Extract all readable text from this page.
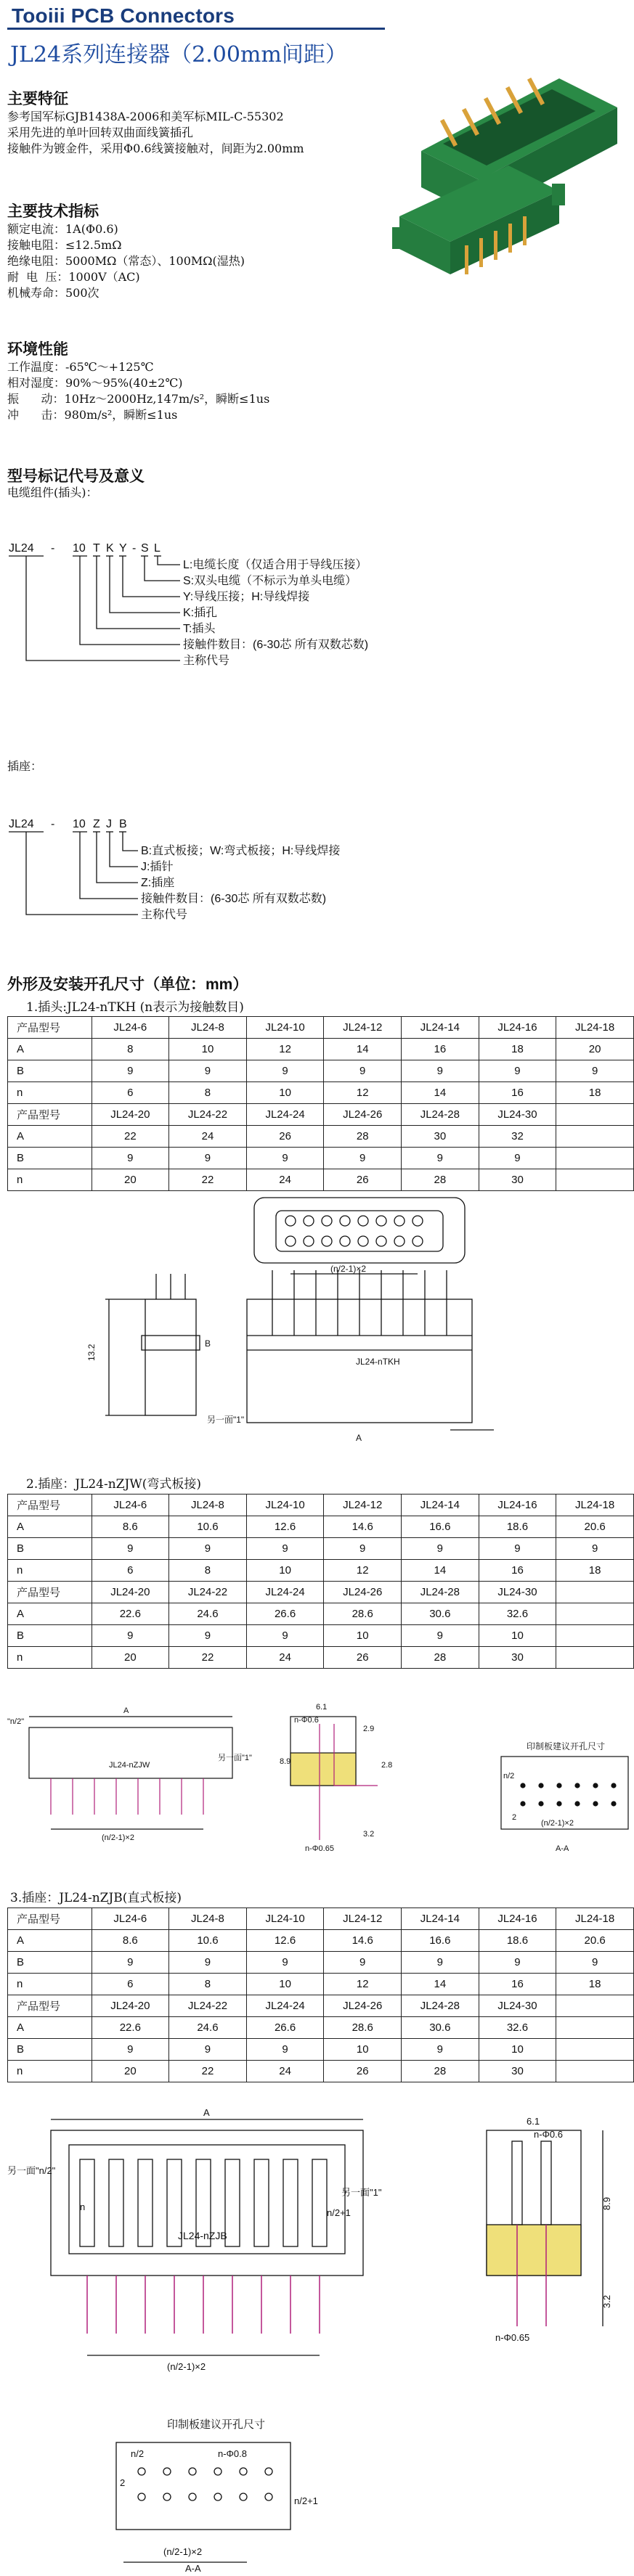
Tooiii PCB Connectors
JL24系列连接器（2.00mm间距）
主要特征
参考国军标GJB1438A-2006和美军标MIL-C-55302
采用先进的单叶回转双曲面线簧插孔
接触件为镀金件，采用Φ0.6线簧接触对，间距为2.00mm
主要技术指标
额定电流：1A(Φ0.6)
接触电阻：≤12.5mΩ
绝缘电阻：5000MΩ（常态）、100MΩ(湿热)
耐  电  压：1000V（AC)
机械寿命：500次
环境性能
工作温度：-65℃～+125℃
相对湿度：90%～95%(40±2℃)
振      动：10Hz～2000Hz,147m/s²，瞬断≤1us
冲      击：980m/s²，瞬断≤1us
型号标记代号及意义
电缆组件(插头)：
JL24 - 10 T K Y - S L
L:电缆长度（仅适合用于导线压接）
S:双头电缆（不标示为单头电缆）
Y:导线压接；H:导线焊接
K:插孔
T:插头
接触件数目：(6-30芯 所有双数芯数)
主称代号
插座：
JL24 - 10 Z J B
B:直式板接；W:弯式板接；H:导线焊接
J:插针
Z:插座
接触件数目：(6-30芯 所有双数芯数)
主称代号
外形及安装开孔尺寸（单位：mm）
1.插头:JL24-nTKH (n表示为接触数目)
产品型号	JL24-6	JL24-8	JL24-10	JL24-12	JL24-14	JL24-16	JL24-18
A	8	10	12	14	16	18	20
B	9	9	9	9	9	9	9
n	6	8	10	12	14	16	18
产品型号	JL24-20	JL24-22	JL24-24	JL24-26	JL24-28	JL24-30	
A	22	24	26	28	30	32	
B	9	9	9	9	9	9	
n	20	22	24	26	28	30	
(n/2-1)×2
B
13.2
JL24-nTKH
另一面"1"
A
2.插座：JL24-nZJW(弯式板接)
产品型号	JL24-6	JL24-8	JL24-10	JL24-12	JL24-14	JL24-16	JL24-18
A	8.6	10.6	12.6	14.6	16.6	18.6	20.6
B	9	9	9	9	9	9	9
n	6	8	10	12	14	16	18
产品型号	JL24-20	JL24-22	JL24-24	JL24-26	JL24-28	JL24-30	
A	22.6	24.6	26.6	28.6	30.6	32.6	
B	9	9	9	10	9	10	
n	20	22	24	26	28	30	
A
"n/2"
JL24-nZJW
另一面"1"
(n/2-1)×2
6.1
n-Φ0.6
2.9
8.9	2.8
n-Φ0.65
3.2
印制板建议开孔尺寸
n/2
2
(n/2-1)×2
A-A
3.插座：JL24-nZJB(直式板接)
产品型号	JL24-6	JL24-8	JL24-10	JL24-12	JL24-14	JL24-16	JL24-18
A	8.6	10.6	12.6	14.6	16.6	18.6	20.6
B	9	9	9	9	9	9	9
n	6	8	10	12	14	16	18
产品型号	JL24-20	JL24-22	JL24-24	JL24-26	JL24-28	JL24-30	
A	22.6	24.6	26.6	28.6	30.6	32.6	
B	9	9	9	10	9	10	
n	20	22	24	26	28	30	
A
另一面"n/2"
n
n/2+1
JL24-nZJB
另一面"1"
(n/2-1)×2
6.1
n-Φ0.6
8.9
3.2
n-Φ0.65
印制板建议开孔尺寸
n-Φ0.8
n/2
2
n/2+1
(n/2-1)×2
A-A
